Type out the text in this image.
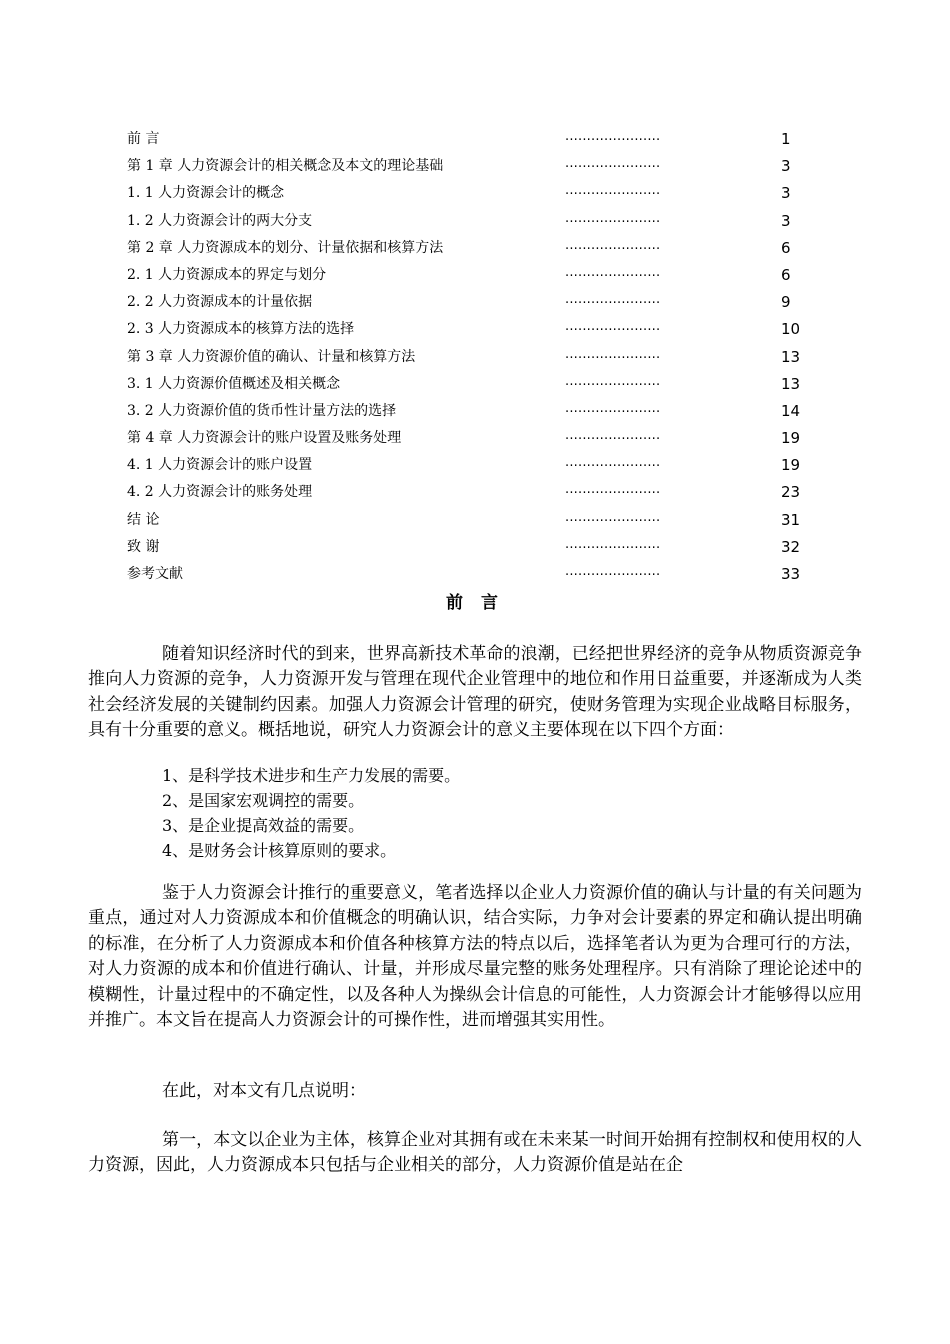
前 言	......................	1
第 1 章 人力资源会计的相关概念及本文的理论基础	......................	3
1. 1 人力资源会计的概念	......................	3
1. 2 人力资源会计的两大分支	......................	3
第 2 章 人力资源成本的划分、计量依据和核算方法	......................	6
2. 1 人力资源成本的界定与划分	......................	6
2. 2 人力资源成本的计量依据	......................	9
2. 3 人力资源成本的核算方法的选择	......................	10
第 3 章 人力资源价值的确认、计量和核算方法	......................	13
3. 1 人力资源价值概述及相关概念	......................	13
3. 2 人力资源价值的货币性计量方法的选择	......................	14
第 4 章 人力资源会计的账户设置及账务处理	......................	19
4. 1 人力资源会计的账户设置	......................	19
4. 2 人力资源会计的账务处理	......................	23
结 论	......................	31
致 谢	......................	32
参考文献	......................	33
前 言

随着知识经济时代的到来，世界高新技术革命的浪潮，已经把世界经济的竞争从物质资源竞争推向人力资源的竞争，人力资源开发与管理在现代企业管理中的地位和作用日益重要，并逐渐成为人类社会经济发展的关键制约因素。加强人力资源会计管理的研究，使财务管理为实现企业战略目标服务，具有十分重要的意义。概括地说，研究人力资源会计的意义主要体现在以下四个方面：

1、是科学技术进步和生产力发展的需要。

2、是国家宏观调控的需要。

3、是企业提高效益的需要。

4、是财务会计核算原则的要求。

鉴于人力资源会计推行的重要意义，笔者选择以企业人力资源价值的确认与计量的有关问题为重点，通过对人力资源成本和价值概念的明确认识，结合实际，力争对会计要素的界定和确认提出明确的标准，在分析了人力资源成本和价值各种核算方法的特点以后，选择笔者认为更为合理可行的方法，对人力资源的成本和价值进行确认、计量，并形成尽量完整的账务处理程序。只有消除了理论论述中的模糊性，计量过程中的不确定性，以及各种人为操纵会计信息的可能性，人力资源会计才能够得以应用并推广。本文旨在提高人力资源会计的可操作性，进而增强其实用性。

在此，对本文有几点说明：

第一，本文以企业为主体，核算企业对其拥有或在未来某一时间开始拥有控制权和使用权的人力资源，因此，人力资源成本只包括与企业相关的部分，人力资源价值是站在企
